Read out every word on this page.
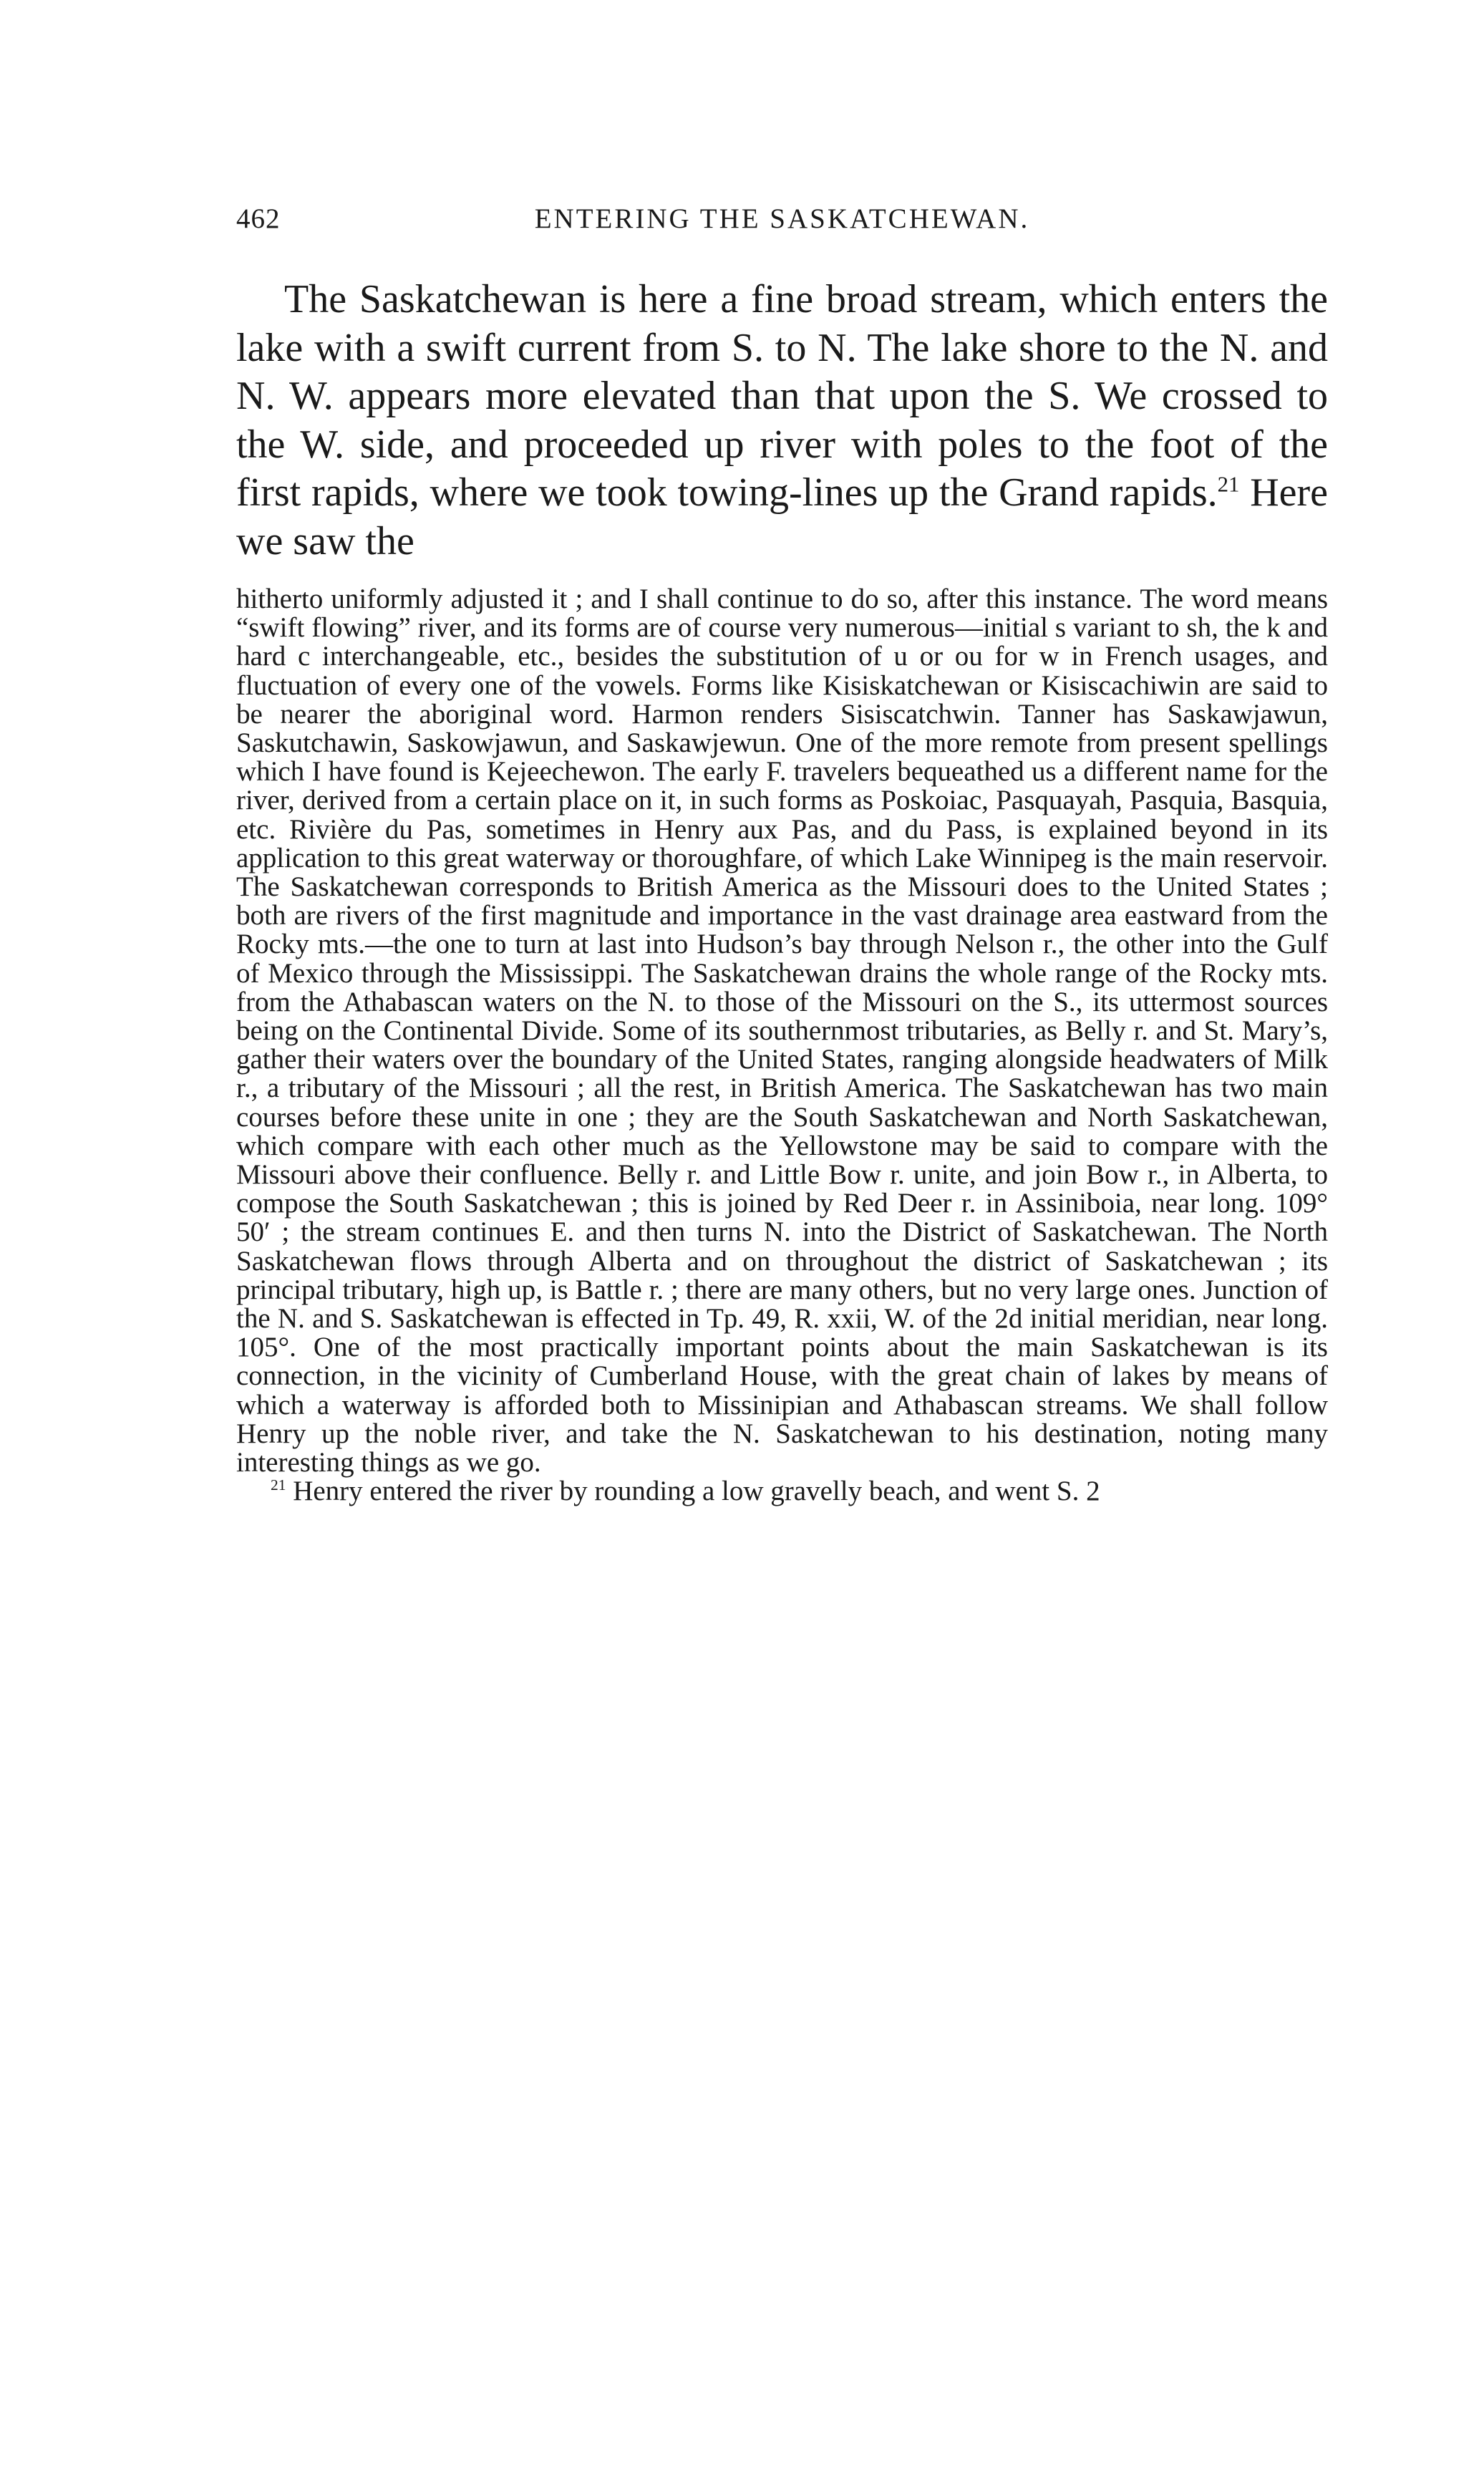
462	ENTERING THE SASKATCHEWAN.
The Saskatchewan is here a fine broad stream, which enters the lake with a swift current from S. to N. The lake shore to the N. and N. W. appears more elevated than that upon the S. We crossed to the W. side, and proceeded up river with poles to the foot of the first rapids, where we took towing-lines up the Grand rapids.$^{21}$ Here we saw the

hitherto uniformly adjusted it ; and I shall continue to do so, after this instance. The word means “swift flowing” river, and its forms are of course very numerous—initial s variant to sh, the k and hard c interchangeable, etc., besides the substitution of u or ou for w in French usages, and fluctuation of every one of the vowels. Forms like Kisiskatchewan or Kisiscachiwin are said to be nearer the aboriginal word. Harmon renders Sisiscatchwin. Tanner has Saskawjawun, Saskutchawin, Saskowjawun, and Saskawjewun. One of the more remote from present spellings which I have found is Kejeechewon. The early F. travelers bequeathed us a different name for the river, derived from a certain place on it, in such forms as Poskoiac, Pasquayah, Pasquia, Basquia, etc. Rivière du Pas, sometimes in Henry aux Pas, and du Pass, is explained beyond in its application to this great waterway or thoroughfare, of which Lake Winnipeg is the main reservoir. The Saskatchewan corresponds to British America as the Missouri does to the United States ; both are rivers of the first magnitude and importance in the vast drainage area eastward from the Rocky mts.—the one to turn at last into Hudson’s bay through Nelson r., the other into the Gulf of Mexico through the Mississippi. The Saskatchewan drains the whole range of the Rocky mts. from the Athabascan waters on the N. to those of the Missouri on the S., its uttermost sources being on the Continental Divide. Some of its southernmost tributaries, as Belly r. and St. Mary’s, gather their waters over the boundary of the United States, ranging alongside headwaters of Milk r., a tributary of the Missouri ; all the rest, in British America. The Saskatchewan has two main courses before these unite in one ; they are the South Saskatchewan and North Saskatchewan, which compare with each other much as the Yellowstone may be said to compare with the Missouri above their confluence. Belly r. and Little Bow r. unite, and join Bow r., in Alberta, to compose the South Saskatchewan ; this is joined by Red Deer r. in Assiniboia, near long. 109° 50′ ; the stream continues E. and then turns N. into the District of Saskatchewan. The North Saskatchewan flows through Alberta and on throughout the district of Saskatchewan ; its principal tributary, high up, is Battle r. ; there are many others, but no very large ones. Junction of the N. and S. Saskatchewan is effected in Tp. 49, R. xxii, W. of the 2d initial meridian, near long. 105°. One of the most practically important points about the main Saskatchewan is its connection, in the vicinity of Cumberland House, with the great chain of lakes by means of which a waterway is afforded both to Missinipian and Athabascan streams. We shall follow Henry up the noble river, and take the N. Saskatchewan to his destination, noting many interesting things as we go.

$^{21}$ Henry entered the river by rounding a low gravelly beach, and went S. 2
